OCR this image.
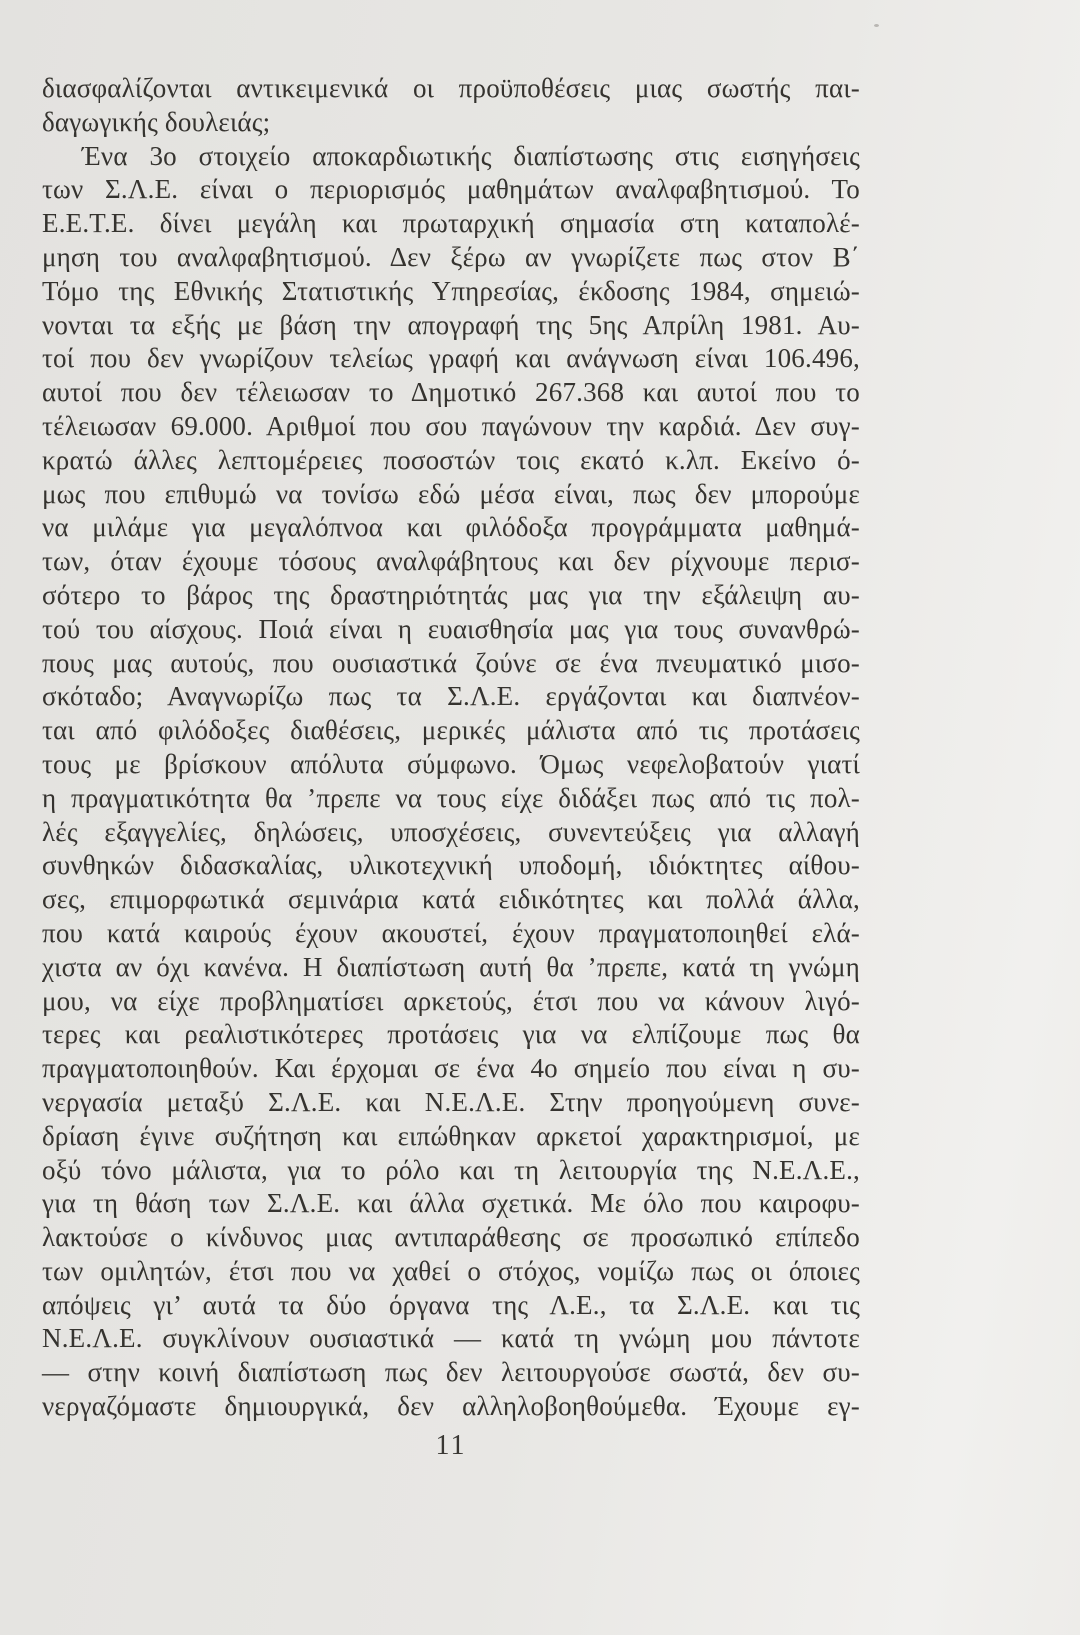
διασφαλίζονται αντικειμενικά οι προϋποθέσεις μιας σωστής παι-
δαγωγικής δουλειάς;
Ένα 3ο στοιχείο αποκαρδιωτικής διαπίστωσης στις εισηγήσεις
των Σ.Λ.Ε. είναι ο περιορισμός μαθημάτων αναλφαβητισμού. Το
Ε.Ε.Τ.Ε. δίνει μεγάλη και πρωταρχική σημασία στη καταπολέ-
μηση του αναλφαβητισμού. Δεν ξέρω αν γνωρίζετε πως στον Β΄
Τόμο της Εθνικής Στατιστικής Υπηρεσίας, έκδοσης 1984, σημειώ-
νονται τα εξής με βάση την απογραφή της 5ης Απρίλη 1981. Αυ-
τοί που δεν γνωρίζουν τελείως γραφή και ανάγνωση είναι 106.496,
αυτοί που δεν τέλειωσαν το Δημοτικό 267.368 και αυτοί που το
τέλειωσαν 69.000. Αριθμοί που σου παγώνουν την καρδιά. Δεν συγ-
κρατώ άλλες λεπτομέρειες ποσοστών τοις εκατό κ.λπ. Εκείνο ό-
μως που επιθυμώ να τονίσω εδώ μέσα είναι, πως δεν μπορούμε
να μιλάμε για μεγαλόπνοα και φιλόδοξα προγράμματα μαθημά-
των, όταν έχουμε τόσους αναλφάβητους και δεν ρίχνουμε περισ-
σότερο το βάρος της δραστηριότητάς μας για την εξάλειψη αυ-
τού του αίσχους. Ποιά είναι η ευαισθησία μας για τους συνανθρώ-
πους μας αυτούς, που ουσιαστικά ζούνε σε ένα πνευματικό μισο-
σκόταδο; Αναγνωρίζω πως τα Σ.Λ.Ε. εργάζονται και διαπνέον-
ται από φιλόδοξες διαθέσεις, μερικές μάλιστα από τις προτάσεις
τους με βρίσκουν απόλυτα σύμφωνο. Όμως νεφελοβατούν γιατί
η πραγματικότητα θα ’πρεπε να τους είχε διδάξει πως από τις πολ-
λές εξαγγελίες, δηλώσεις, υποσχέσεις, συνεντεύξεις για αλλαγή
συνθηκών διδασκαλίας, υλικοτεχνική υποδομή, ιδιόκτητες αίθου-
σες, επιμορφωτικά σεμινάρια κατά ειδικότητες και πολλά άλλα,
που κατά καιρούς έχουν ακουστεί, έχουν πραγματοποιηθεί ελά-
χιστα αν όχι κανένα. Η διαπίστωση αυτή θα ’πρεπε, κατά τη γνώμη
μου, να είχε προβληματίσει αρκετούς, έτσι που να κάνουν λιγό-
τερες και ρεαλιστικότερες προτάσεις για να ελπίζουμε πως θα
πραγματοποιηθούν. Και έρχομαι σε ένα 4ο σημείο που είναι η συ-
νεργασία μεταξύ Σ.Λ.Ε. και Ν.Ε.Λ.Ε. Στην προηγούμενη συνε-
δρίαση έγινε συζήτηση και ειπώθηκαν αρκετοί χαρακτηρισμοί, με
οξύ τόνο μάλιστα, για το ρόλο και τη λειτουργία της Ν.Ε.Λ.Ε.,
για τη θάση των Σ.Λ.Ε. και άλλα σχετικά. Με όλο που καιροφυ-
λακτούσε ο κίνδυνος μιας αντιπαράθεσης σε προσωπικό επίπεδο
των ομιλητών, έτσι που να χαθεί ο στόχος, νομίζω πως οι όποιες
απόψεις γι’ αυτά τα δύο όργανα της Λ.Ε., τα Σ.Λ.Ε. και τις
Ν.Ε.Λ.Ε. συγκλίνουν ουσιαστικά — κατά τη γνώμη μου πάντοτε
— στην κοινή διαπίστωση πως δεν λειτουργούσε σωστά, δεν συ-
νεργαζόμαστε δημιουργικά, δεν αλληλοβοηθούμεθα. Έχουμε εγ-
11
